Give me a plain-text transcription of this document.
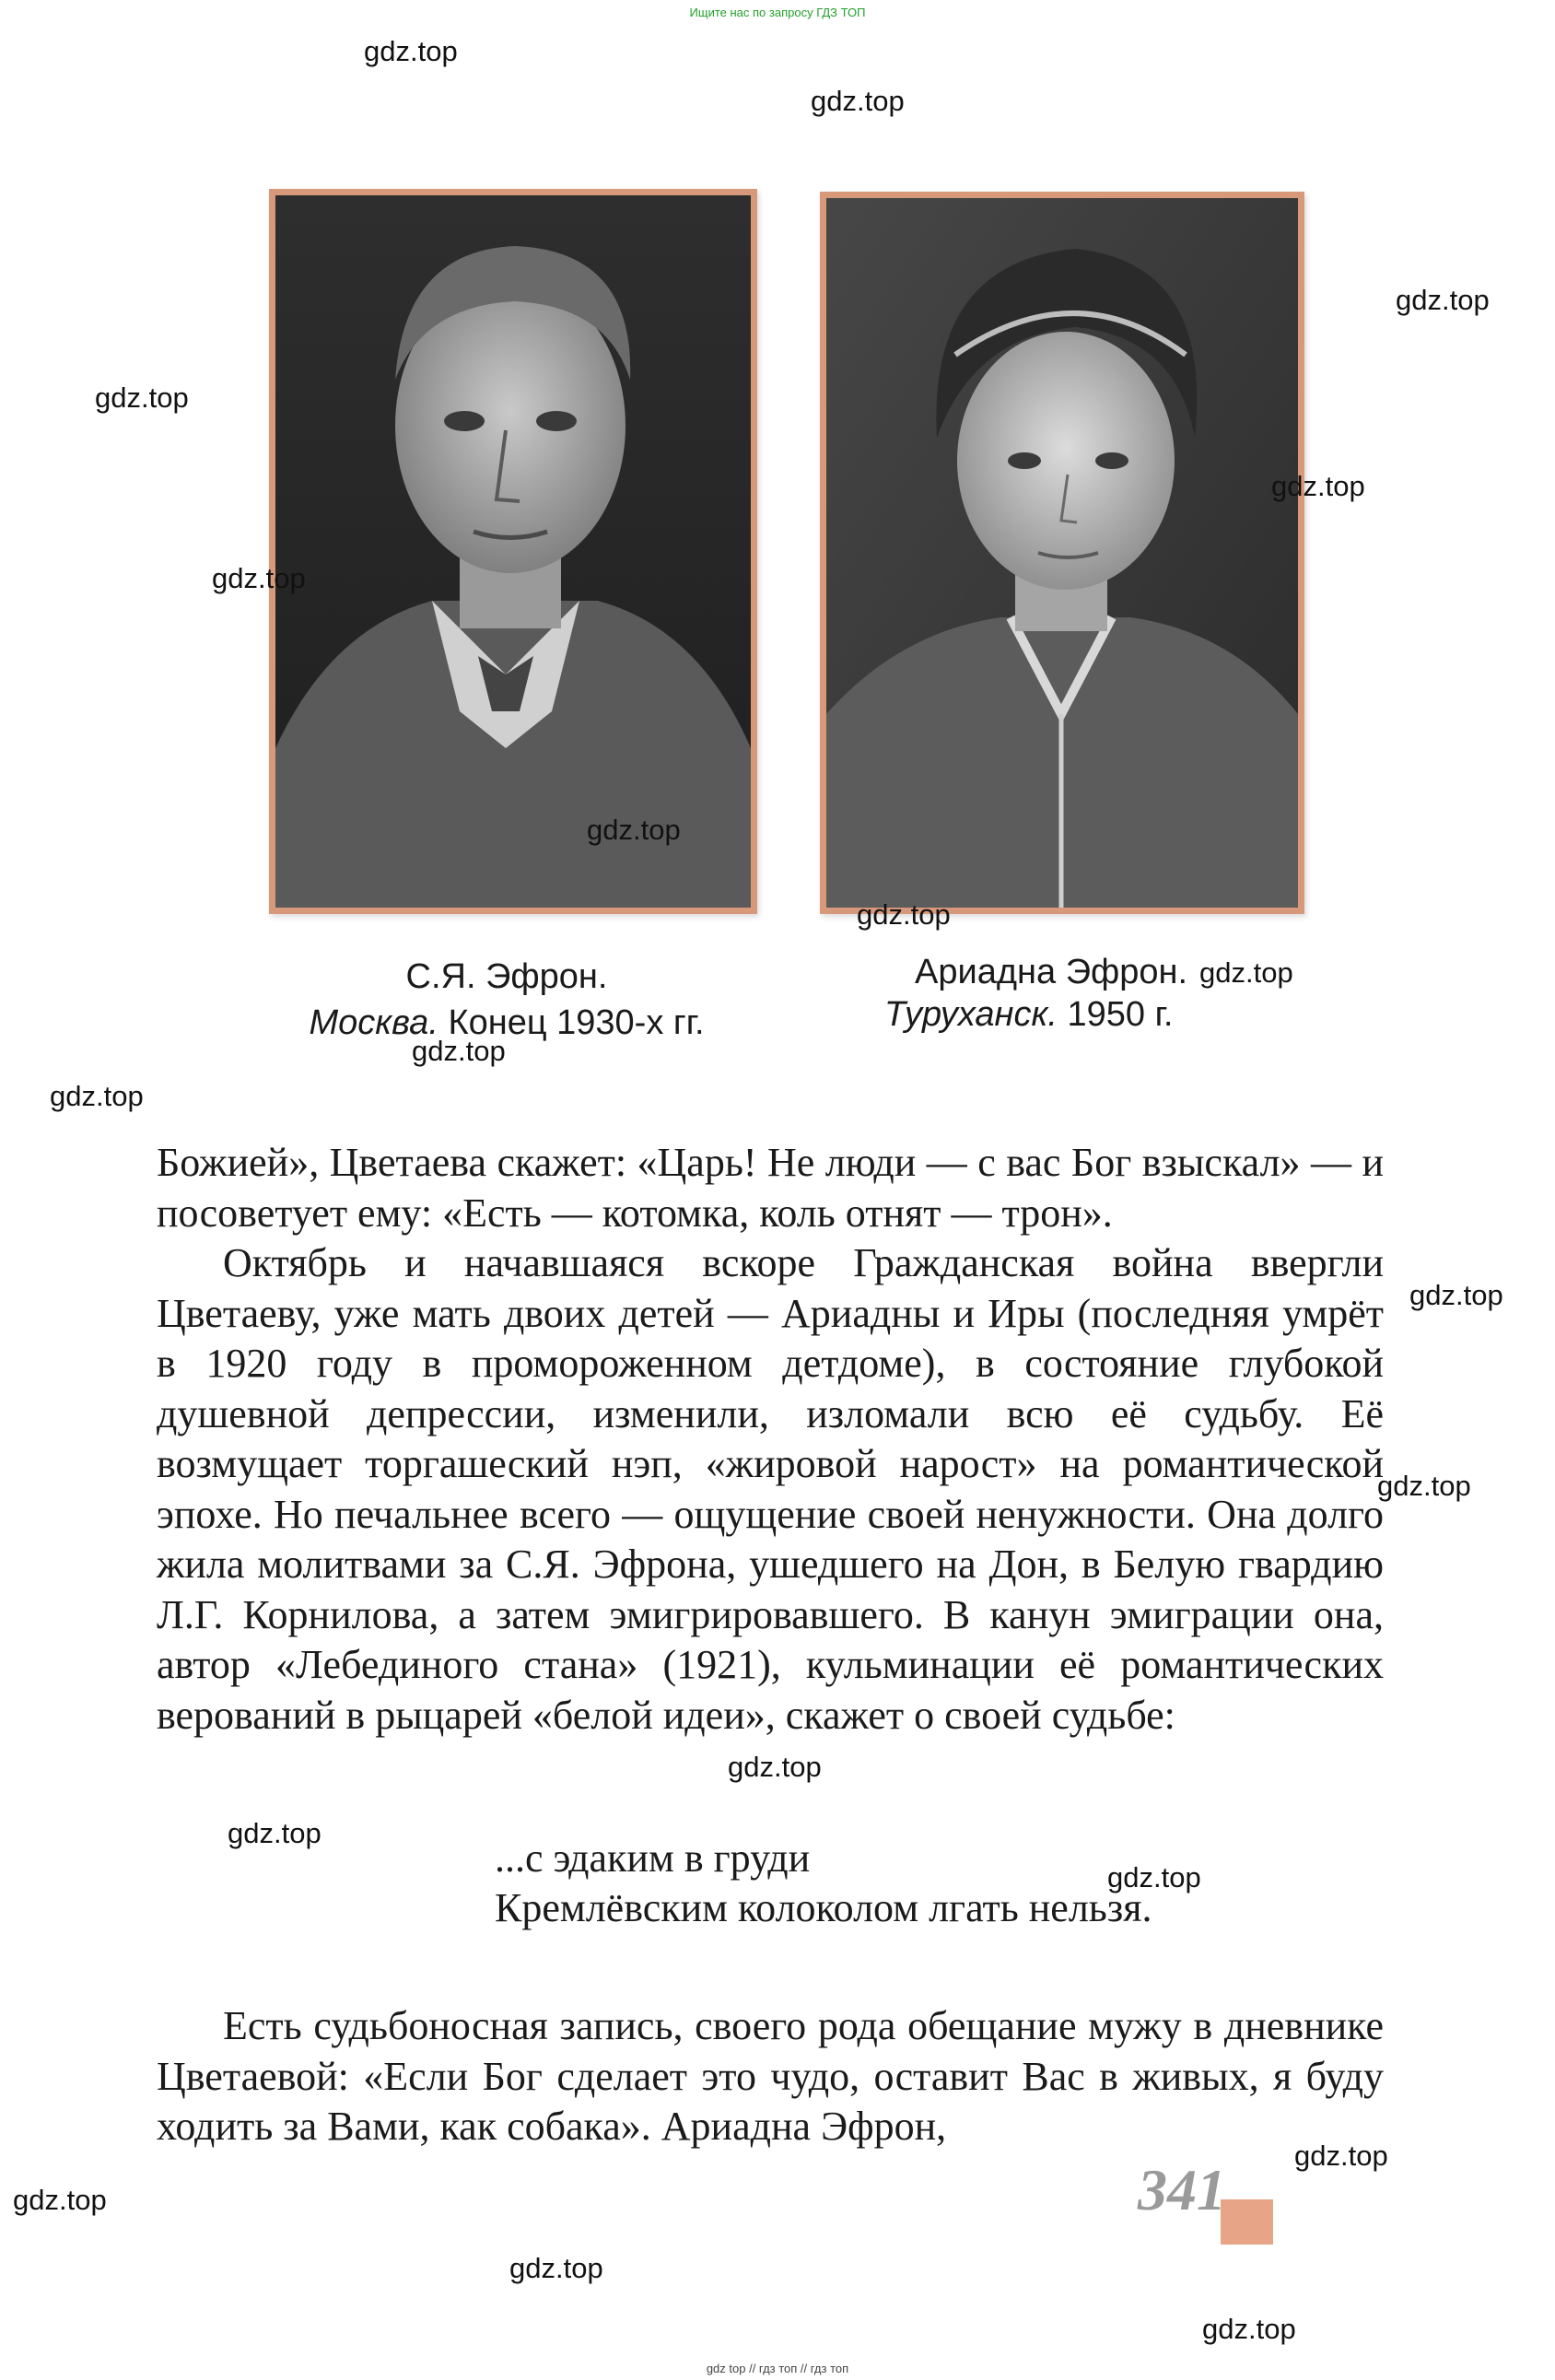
Ищите нас по запросу ГДЗ ТОП
С.Я. Эфрон.
Москва. Конец 1930-х гг.
Ариадна Эфрон.
Туруханск. 1950 г.

Божией», Цветаева скажет: «Царь! Не люди — с вас Бог взыскал» — и посоветует ему: «Есть — котомка, коль отнят — трон».

Октябрь и начавшаяся вскоре Гражданская война ввергли Цветаеву, уже мать двоих детей — Ариадны и Иры (последняя умрёт в 1920 году в промороженном детдоме), в состояние глубокой душевной депрессии, изменили, изломали всю её судьбу. Её возмущает торгашеский нэп, «жировой нарост» на романтической эпохе. Но печальнее всего — ощущение своей ненужности. Она долго жила молитвами за С.Я. Эфрона, ушедшего на Дон, в Белую гвардию Л.Г. Корнилова, а затем эмигрировавшего. В канун эмиграции она, автор «Лебединого стана» (1921), кульминации её романтических верований в рыцарей «белой идеи», скажет о своей судьбе:

...с эдаким в груди
Кремлёвским колоколом лгать нельзя.

Есть судьбоносная запись, своего рода обещание мужу в дневнике Цветаевой: «Если Бог сделает это чудо, оставит Вас в живых, я буду ходить за Вами, как собака». Ариадна Эфрон,

341
gdz.top
gdz.top
gdz.top
gdz.top
gdz.top
gdz.top
gdz.top
gdz.top
gdz.top
gdz.top
gdz.top
gdz.top
gdz.top
gdz.top
gdz.top
gdz.top
gdz.top
gdz.top
gdz.top
gdz.top
gdz top // гдз топ // гдз топ
